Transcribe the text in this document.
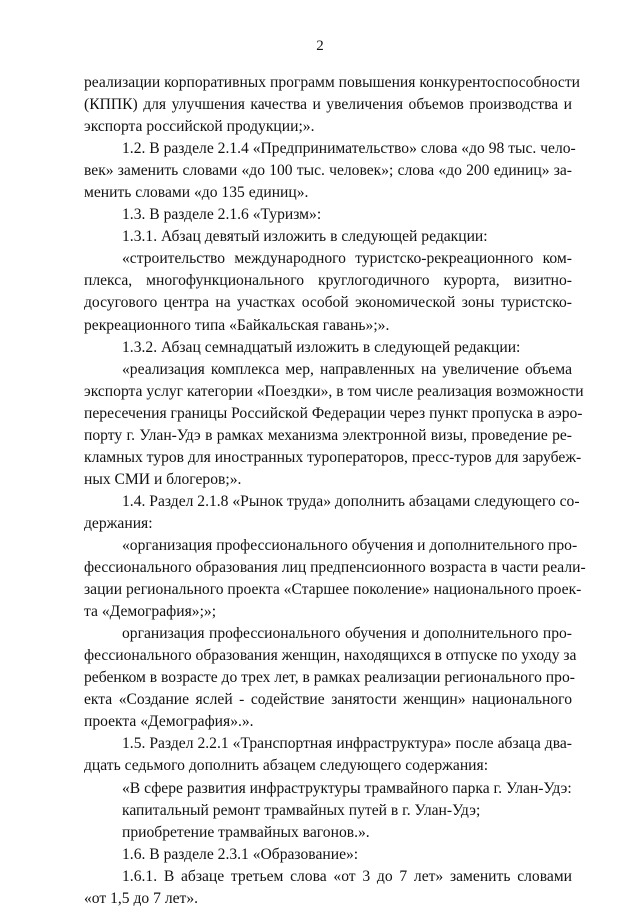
2
реализации корпоративных программ повышения конкурентоспособности
(КППК) для улучшения качества и увеличения объемов производства и
экспорта российской продукции;».
1.2. В разделе 2.1.4 «Предпринимательство» слова «до 98 тыс. чело-
век» заменить словами «до 100 тыс. человек»; слова «до 200 единиц» за-
менить словами «до 135 единиц».
1.3. В разделе 2.1.6 «Туризм»:
1.3.1. Абзац девятый изложить в следующей редакции:
«строительство международного туристско-рекреационного ком-
плекса, многофункционального круглогодичного курорта, визитно-
досугового центра на участках особой экономической зоны туристско-
рекреационного типа «Байкальская гавань»;».
1.3.2. Абзац семнадцатый изложить в следующей редакции:
«реализация комплекса мер, направленных на увеличение объема
экспорта услуг категории «Поездки», в том числе реализация возможности
пересечения границы Российской Федерации через пункт пропуска в аэро-
порту г. Улан-Удэ в рамках механизма электронной визы, проведение ре-
кламных туров для иностранных туроператоров, пресс-туров для зарубеж-
ных СМИ и блогеров;».
1.4. Раздел 2.1.8 «Рынок труда» дополнить абзацами следующего со-
держания:
«организация профессионального обучения и дополнительного про-
фессионального образования лиц предпенсионного возраста в части реали-
зации регионального проекта «Старшее поколение» национального проек-
та «Демография»;»;
организация профессионального обучения и дополнительного про-
фессионального образования женщин, находящихся в отпуске по уходу за
ребенком в возрасте до трех лет, в рамках реализации регионального про-
екта «Создание яслей - содействие занятости женщин» национального
проекта «Демография».».
1.5. Раздел 2.2.1 «Транспортная инфраструктура» после абзаца два-
дцать седьмого дополнить абзацем следующего содержания:
«В сфере развития инфраструктуры трамвайного парка г. Улан-Удэ:
капитальный ремонт трамвайных путей в г. Улан-Удэ;
приобретение трамвайных вагонов.».
1.6. В разделе 2.3.1 «Образование»:
1.6.1. В абзаце третьем слова «от 3 до 7 лет» заменить словами
«от 1,5 до 7 лет».
